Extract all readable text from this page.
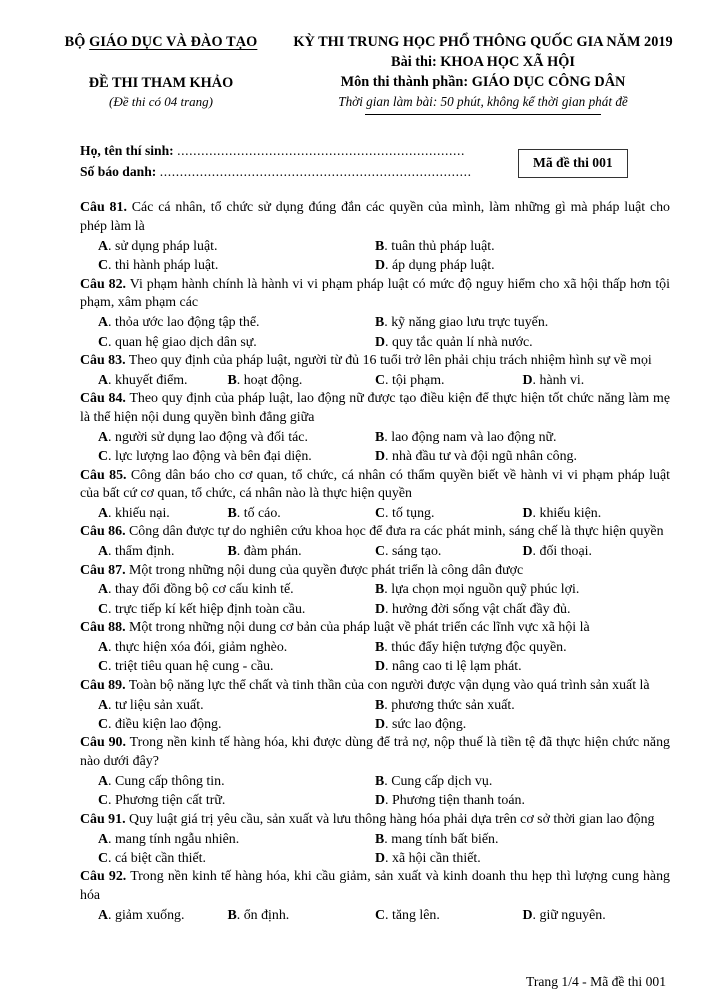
BỘ GIÁO DỤC VÀ ĐÀO TẠO
ĐỀ THI THAM KHẢO
(Đề thi có 04 trang)
KỲ THI TRUNG HỌC PHỔ THÔNG QUỐC GIA NĂM 2019
Bài thi: KHOA HỌC XÃ HỘI
Môn thi thành phần: GIÁO DỤC CÔNG DÂN
Thời gian làm bài: 50 phút, không kể thời gian phát đề
Họ, tên thí sinh: ........................................................................
Số báo danh: ..............................................................................
Mã đề thi 001
Câu 81. Các cá nhân, tổ chức sử dụng đúng đắn các quyền của mình, làm những gì mà pháp luật cho phép làm là
A. sử dụng pháp luật.	B. tuân thủ pháp luật.
C. thi hành pháp luật.	D. áp dụng pháp luật.
Câu 82. Vi phạm hành chính là hành vi vi phạm pháp luật có mức độ nguy hiểm cho xã hội thấp hơn tội phạm, xâm phạm các
A. thỏa ước lao động tập thể.	B. kỹ năng giao lưu trực tuyến.
C. quan hệ giao dịch dân sự.	D. quy tắc quản lí nhà nước.
Câu 83. Theo quy định của pháp luật, người từ đủ 16 tuổi trở lên phải chịu trách nhiệm hình sự về mọi
A. khuyết điểm.	B. hoạt động.	C. tội phạm.	D. hành vi.
Câu 84. Theo quy định của pháp luật, lao động nữ được tạo điều kiện để thực hiện tốt chức năng làm mẹ là thể hiện nội dung quyền bình đẳng giữa
A. người sử dụng lao động và đối tác.	B. lao động nam và lao động nữ.
C. lực lượng lao động và bên đại diện.	D. nhà đầu tư và đội ngũ nhân công.
Câu 85. Công dân báo cho cơ quan, tổ chức, cá nhân có thẩm quyền biết về hành vi vi phạm pháp luật của bất cứ cơ quan, tổ chức, cá nhân nào là thực hiện quyền
A. khiếu nại.	B. tố cáo.	C. tố tụng.	D. khiếu kiện.
Câu 86. Công dân được tự do nghiên cứu khoa học để đưa ra các phát minh, sáng chế là thực hiện quyền
A. thẩm định.	B. đàm phán.	C. sáng tạo.	D. đối thoại.
Câu 87. Một trong những nội dung của quyền được phát triển là công dân được
A. thay đổi đồng bộ cơ cấu kinh tế.	B. lựa chọn mọi nguồn quỹ phúc lợi.
C. trực tiếp kí kết hiệp định toàn cầu.	D. hưởng đời sống vật chất đầy đủ.
Câu 88. Một trong những nội dung cơ bản của pháp luật về phát triển các lĩnh vực xã hội là
A. thực hiện xóa đói, giảm nghèo.	B. thúc đẩy hiện tượng độc quyền.
C. triệt tiêu quan hệ cung - cầu.	D. nâng cao ti lệ lạm phát.
Câu 89. Toàn bộ năng lực thể chất và tinh thần của con người được vận dụng vào quá trình sản xuất là
A. tư liệu sản xuất.	B. phương thức sản xuất.
C. điều kiện lao động.	D. sức lao động.
Câu 90. Trong nền kinh tế hàng hóa, khi được dùng để trả nợ, nộp thuế là tiền tệ đã thực hiện chức năng nào dưới đây?
A. Cung cấp thông tin.	B. Cung cấp dịch vụ.
C. Phương tiện cất trữ.	D. Phương tiện thanh toán.
Câu 91. Quy luật giá trị yêu cầu, sản xuất và lưu thông hàng hóa phải dựa trên cơ sở thời gian lao động
A. mang tính ngẫu nhiên.	B. mang tính bất biến.
C. cá biệt cần thiết.	D. xã hội cần thiết.
Câu 92. Trong nền kinh tế hàng hóa, khi cầu giảm, sản xuất và kinh doanh thu hẹp thì lượng cung hàng hóa
A. giảm xuống.	B. ổn định.	C. tăng lên.	D. giữ nguyên.
Trang 1/4 - Mã đề thi 001
